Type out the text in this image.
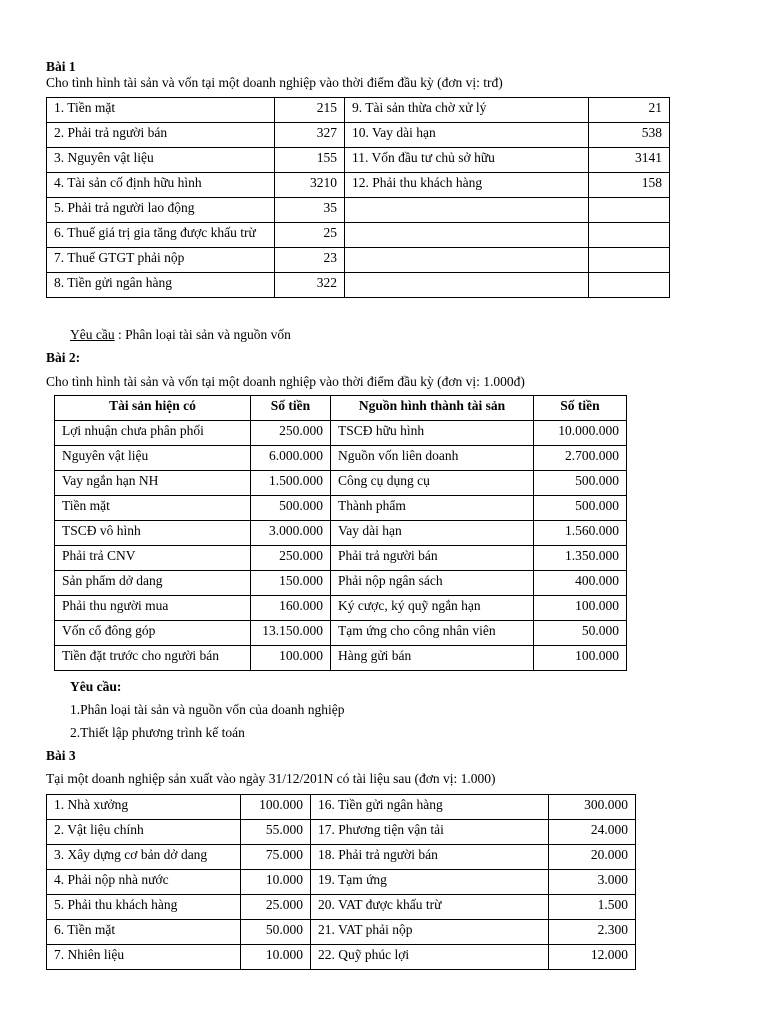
Bài 1
Cho tình hình tài sản và vốn tại một doanh nghiệp vào thời điểm đầu kỳ (đơn vị: trđ)
1. Tiền mặt	215	9. Tài sản thừa chờ xử lý	21
2. Phải trả người bán	327	10. Vay dài hạn	538
3. Nguyên vật liệu	155	11. Vốn đầu tư chủ sở hữu	3141
4. Tài sản cố định hữu hình	3210	12. Phải thu khách hàng	158
5. Phải trả người lao động	35		
6. Thuế giá trị gia tăng được khấu trừ	25		
7. Thuế GTGT phải nộp	23		
8. Tiền gửi ngân hàng	322		
Yêu cầu : Phân loại tài sản và nguồn vốn
Bài 2:
Cho tình hình tài sản và vốn tại một doanh nghiệp vào thời điểm đầu kỳ (đơn vị: 1.000đ)
Tài sản hiện có	Số tiền	Nguồn hình thành tài sản	Số tiền
Lợi nhuận chưa phân phối	250.000	TSCĐ hữu hình	10.000.000
Nguyên vật liệu	6.000.000	Nguồn vốn liên doanh	2.700.000
Vay ngắn hạn NH	1.500.000	Công cụ dụng cụ	500.000
Tiền mặt	500.000	Thành phẩm	500.000
TSCĐ vô hình	3.000.000	Vay dài hạn	1.560.000
Phải trả CNV	250.000	Phải trả người bán	1.350.000
Sản phẩm dở dang	150.000	Phải nộp ngân sách	400.000
Phải thu người mua	160.000	Ký cược, ký quỹ ngắn hạn	100.000
Vốn cổ đông góp	13.150.000	Tạm ứng cho công nhân viên	50.000
Tiền đặt trước cho người bán	100.000	Hàng gửi bán	100.000
Yêu cầu:
1.Phân loại tài sản và nguồn vốn của doanh nghiệp
2.Thiết lập phương trình kế toán
Bài 3
Tại một doanh nghiệp sản xuất vào ngày 31/12/201N có tài liệu sau (đơn vị: 1.000)
1. Nhà xưởng	100.000	16. Tiền gửi ngân hàng	300.000
2. Vật liệu chính	55.000	17. Phương tiện vận tải	24.000
3. Xây dựng cơ bản dở dang	75.000	18. Phải trả người bán	20.000
4. Phải nộp nhà nước	10.000	19. Tạm ứng	3.000
5. Phải thu khách hàng	25.000	20. VAT được khấu trừ	1.500
6. Tiền mặt	50.000	21. VAT phải nộp	2.300
7. Nhiên liệu	10.000	22. Quỹ phúc lợi	12.000
